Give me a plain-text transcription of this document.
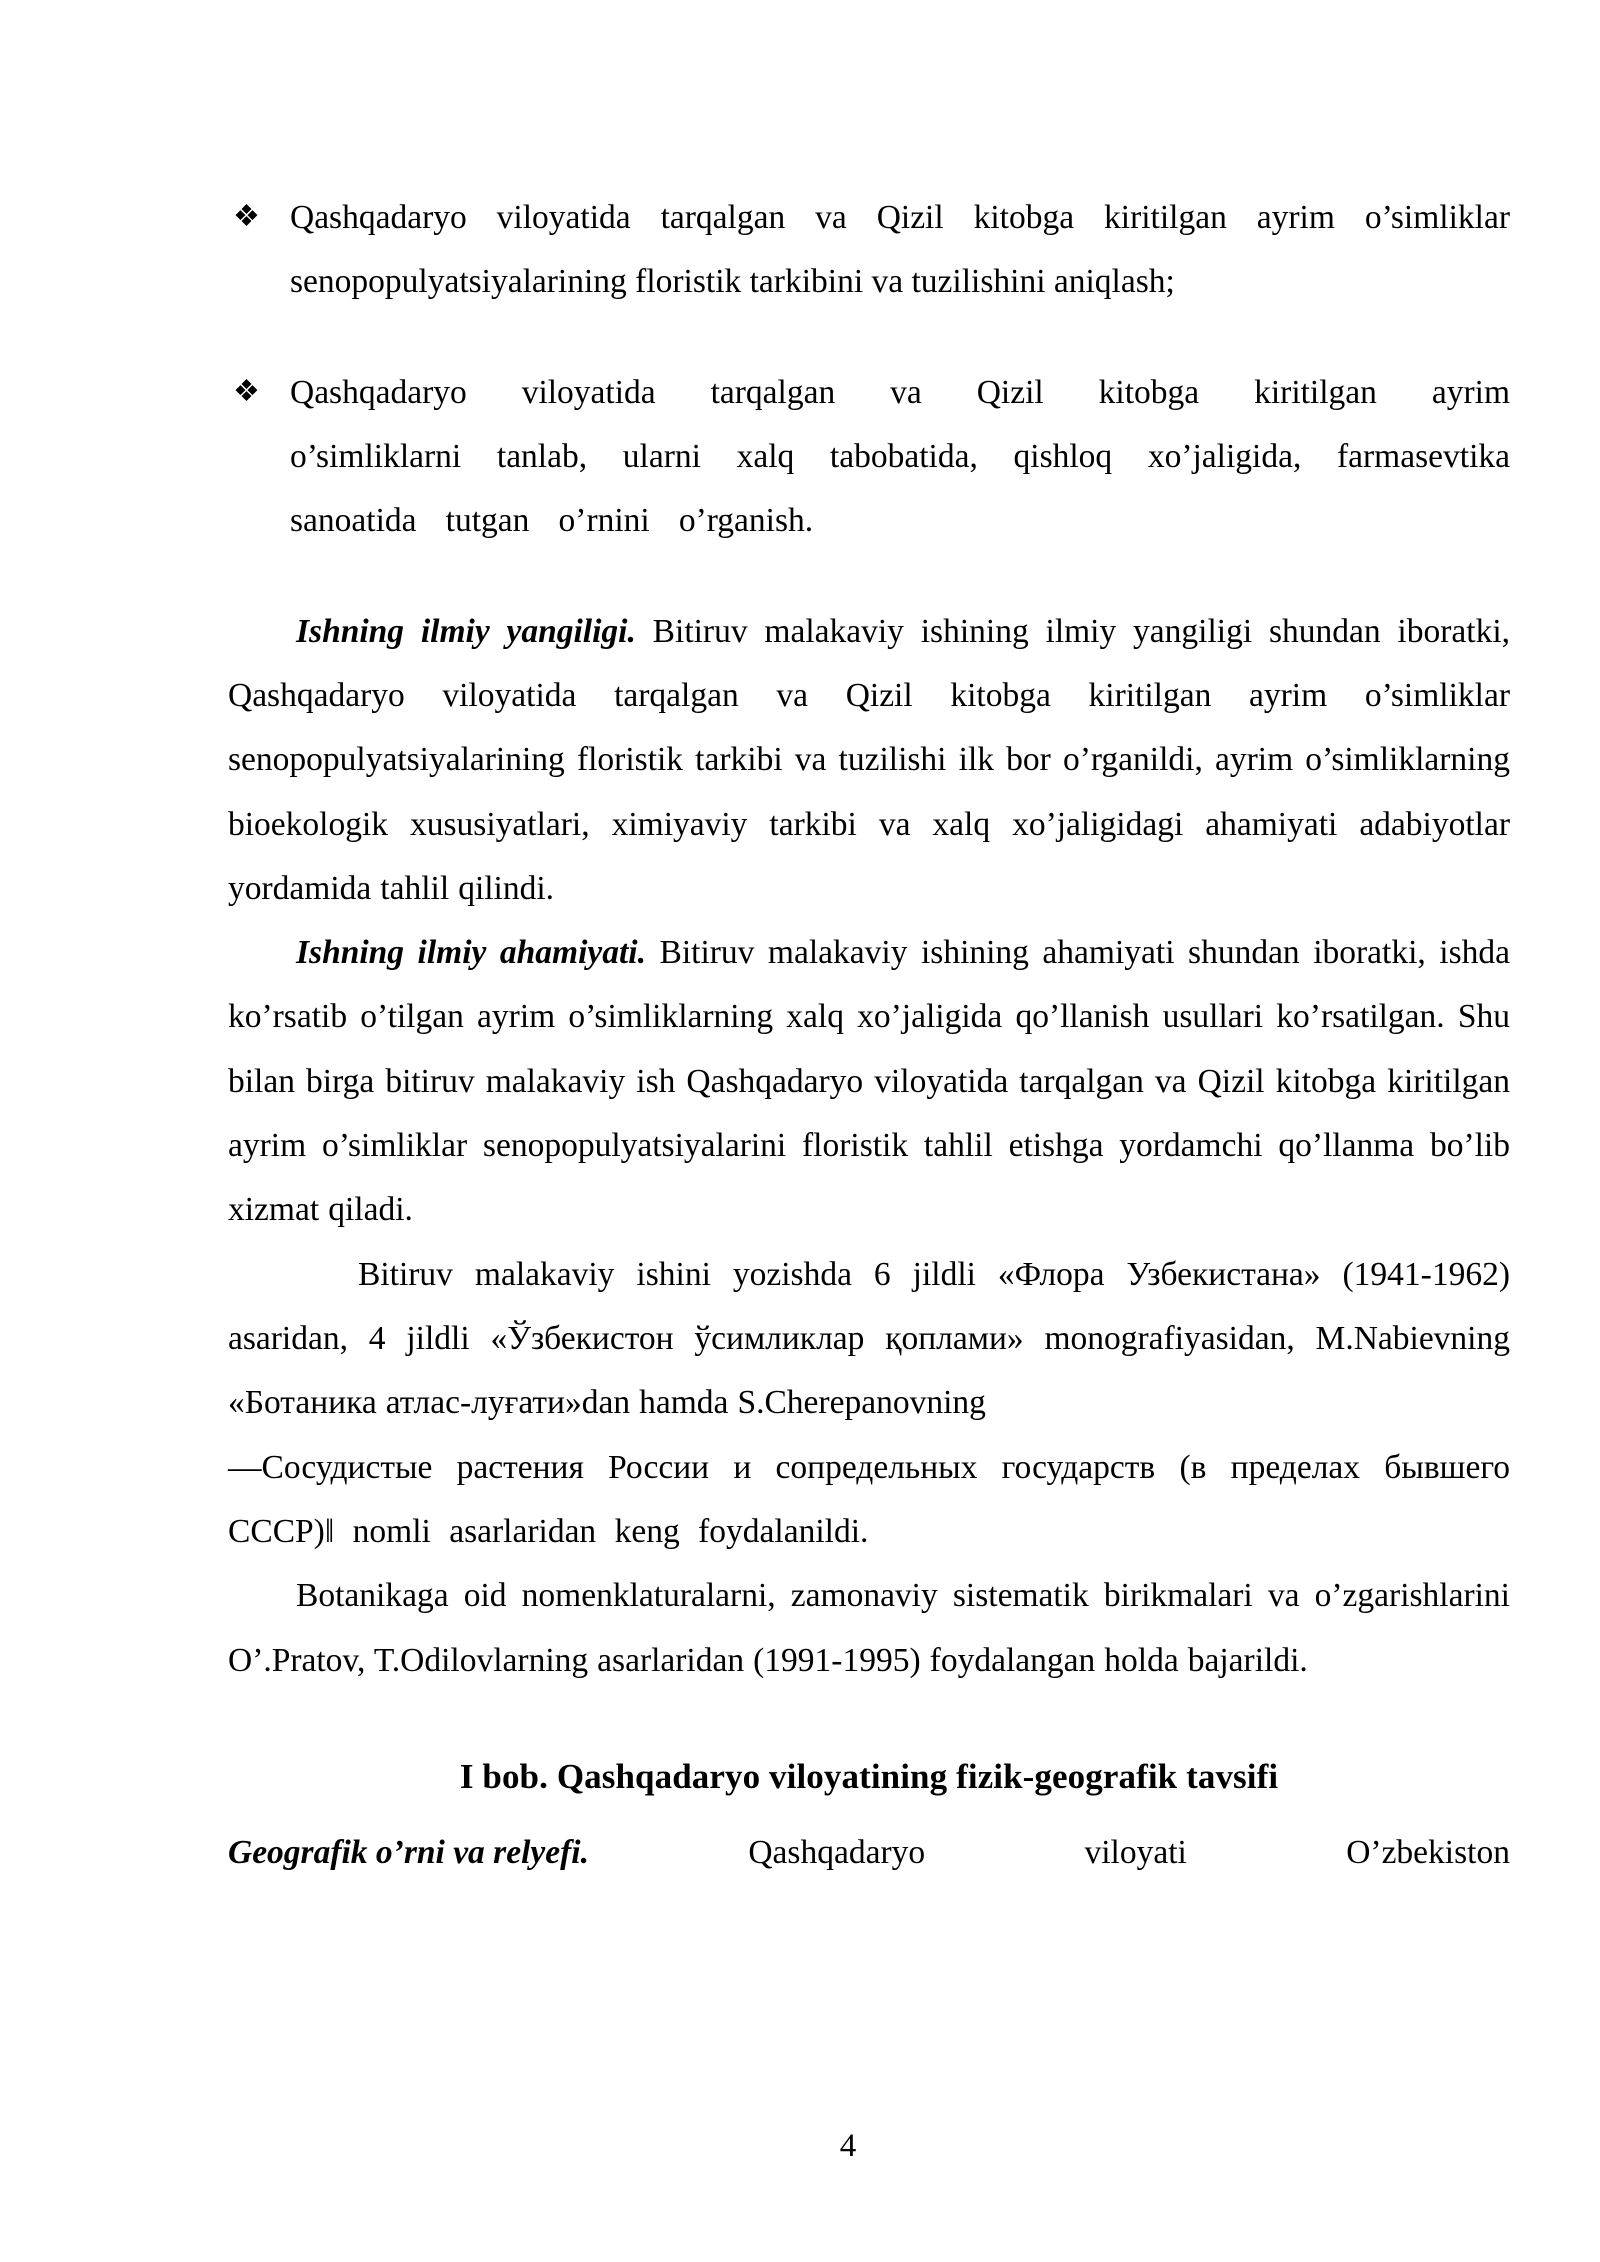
❖ Qashqadaryo viloyatida tarqalgan va Qizil kitobga kiritilgan ayrim o’simliklar senopopulyatsiyalarining floristik tarkibini va tuzilishini aniqlash;
❖ Qashqadaryo viloyatida tarqalgan va Qizil kitobga kiritilgan ayrim o’simliklarni tanlab, ularni xalq tabobatida, qishloq xo’jaligida, farmasevtika sanoatida tutgan o’rnini o’rganish.

Ishning ilmiy yangiligi. Bitiruv malakaviy ishining ilmiy yangiligi shundan iboratki, Qashqadaryo viloyatida tarqalgan va Qizil kitobga kiritilgan ayrim o’simliklar senopopulyatsiyalarining floristik tarkibi va tuzilishi ilk bor o’rganildi, ayrim o’simliklarning bioekologik xususiyatlari, ximiyaviy tarkibi va xalq xo’jaligidagi ahamiyati adabiyotlar yordamida tahlil qilindi.

Ishning ilmiy ahamiyati. Bitiruv malakaviy ishining ahamiyati shundan iboratki, ishda ko’rsatib o’tilgan ayrim o’simliklarning xalq xo’jaligida qo’llanish usullari ko’rsatilgan. Shu bilan birga bitiruv malakaviy ish Qashqadaryo viloyatida tarqalgan va Qizil kitobga kiritilgan ayrim o’simliklar senopopulyatsiyalarini floristik tahlil etishga yordamchi qo’llanma bo’lib xizmat qiladi.

Bitiruv malakaviy ishini yozishda 6 jildli «Флора Узбекистана» (1941-1962) asaridan, 4 jildli «Ўзбекистон ўсимликлар қоплами» monografiyasidan, M.Nabievning «Ботаника атлас-луғати»dan hamda S.Cherepanovning

—Сосудистые растения России и сопредельных государств (в пределах бывшего СССР)‖ nomli asarlaridan keng foydalanildi.

Botanikaga oid nomenklaturalarni, zamonaviy sistematik birikmalari va o’zgarishlarini O’.Pratov, T.Odilovlarning asarlaridan (1991-1995) foydalangan holda bajarildi.

I bob. Qashqadaryo viloyatining fizik-geografik tavsifi
Geografik o’rni va relyefi.	Qashqadaryo	viloyati	O’zbekiston
4
